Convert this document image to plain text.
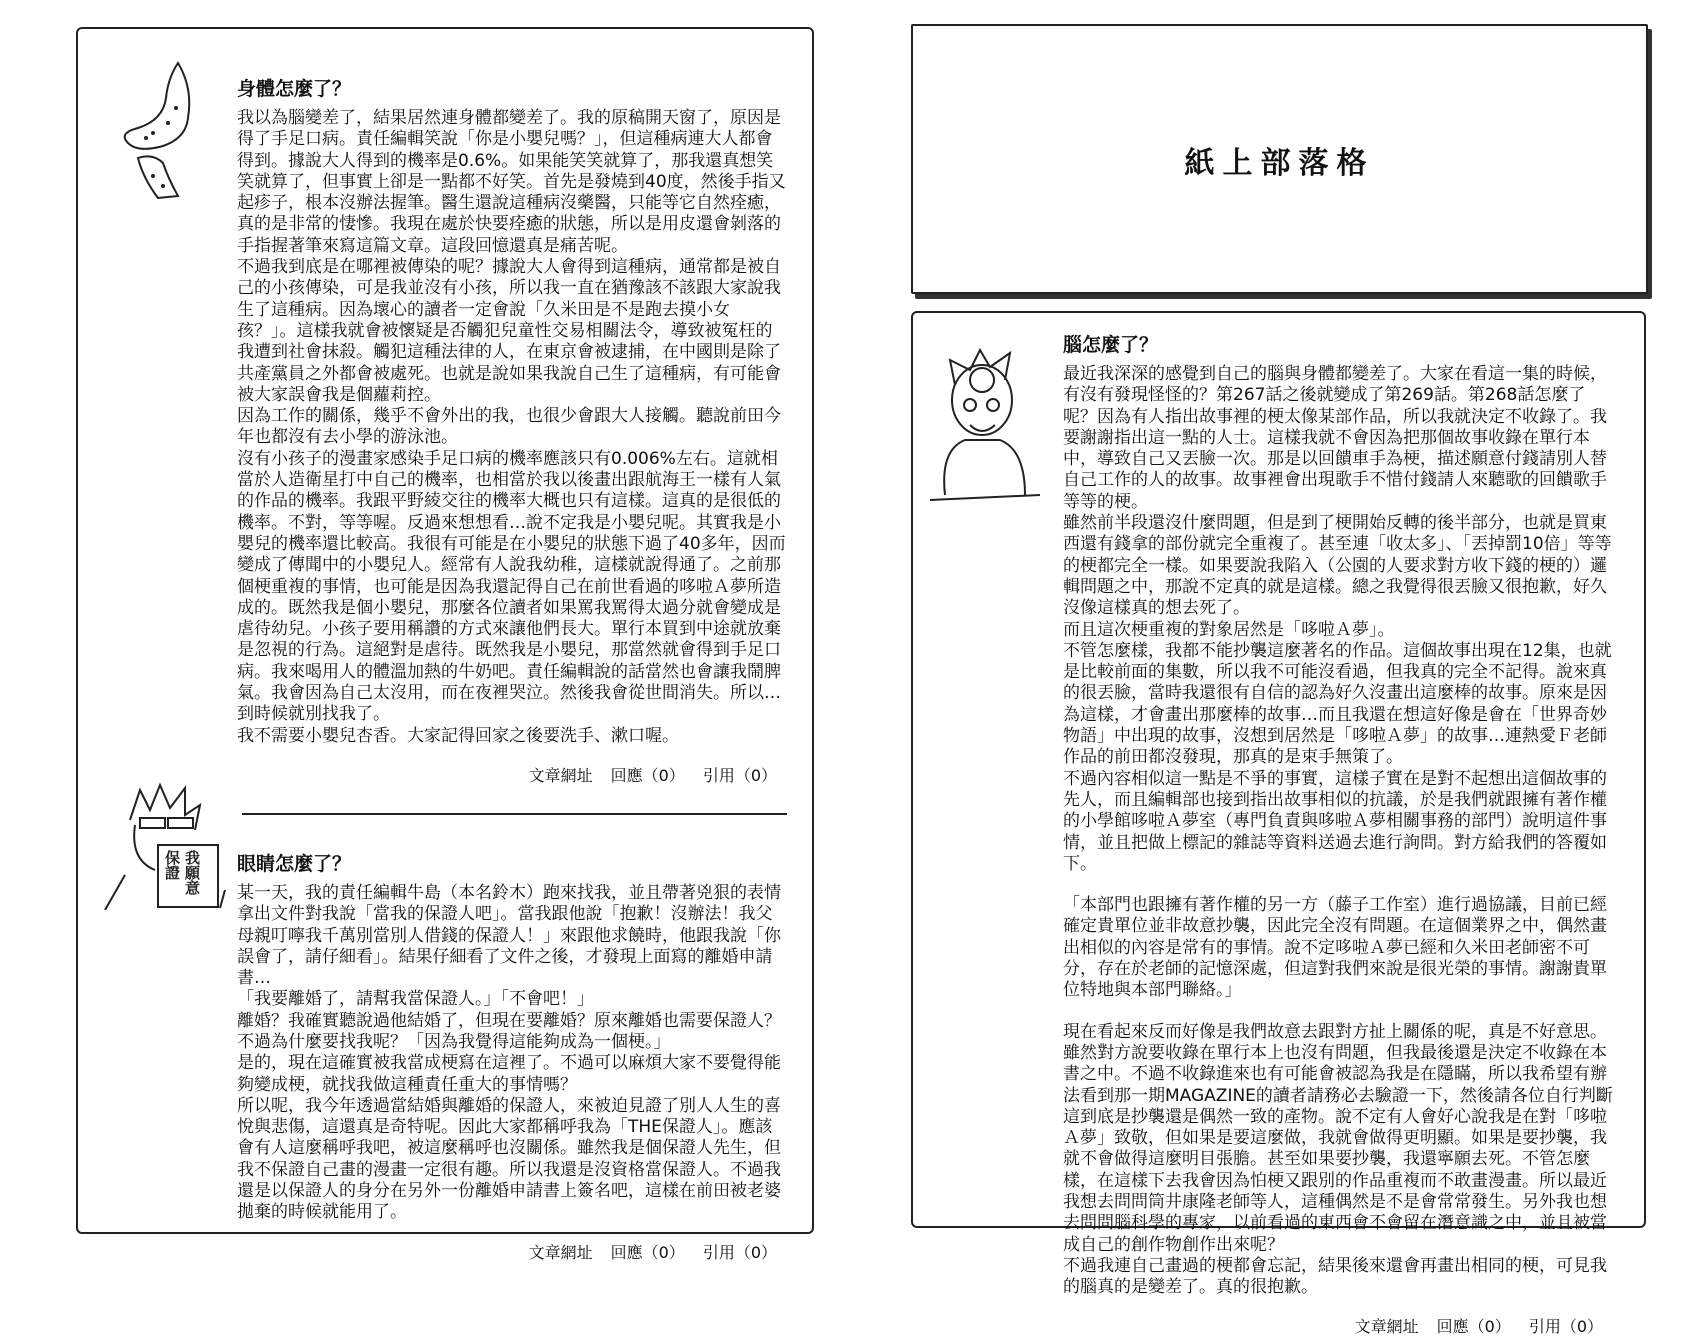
我願意 保證
身體怎麼了？

我以為腦變差了，結果居然連身體都變差了。我的原稿開天窗了，原因是得了手足口病。責任編輯笑說「你是小嬰兒嗎？」，但這種病連大人都會得到。據說大人得到的機率是0.6%。如果能笑笑就算了，那我還真想笑笑就算了，但事實上卻是一點都不好笑。首先是發燒到40度，然後手指又起疹子，根本沒辦法握筆。醫生還說這種病沒藥醫，只能等它自然痊癒，真的是非常的悽慘。我現在處於快要痊癒的狀態，所以是用皮還會剝落的手指握著筆來寫這篇文章。這段回憶還真是痛苦呢。

不過我到底是在哪裡被傳染的呢？據說大人會得到這種病，通常都是被自己的小孩傳染，可是我並沒有小孩，所以我一直在猶豫該不該跟大家說我生了這種病。因為壞心的讀者一定會說「久米田是不是跑去摸小女孩？」。這樣我就會被懷疑是否觸犯兒童性交易相關法令，導致被冤枉的我遭到社會抹殺。觸犯這種法律的人，在東京會被逮捕，在中國則是除了共產黨員之外都會被處死。也就是說如果我說自己生了這種病，有可能會被大家誤會我是個蘿莉控。

因為工作的關係，幾乎不會外出的我，也很少會跟大人接觸。聽說前田今年也都沒有去小學的游泳池。

沒有小孩子的漫畫家感染手足口病的機率應該只有0.006%左右。這就相當於人造衛星打中自己的機率，也相當於我以後畫出跟航海王一樣有人氣的作品的機率。我跟平野綾交往的機率大概也只有這樣。這真的是很低的機率。不對，等等喔。反過來想想看…說不定我是小嬰兒呢。其實我是小嬰兒的機率還比較高。我很有可能是在小嬰兒的狀態下過了40多年，因而變成了傳聞中的小嬰兒人。經常有人說我幼稚，這樣就說得通了。之前那個梗重複的事情，也可能是因為我還記得自己在前世看過的哆啦Ａ夢所造成的。既然我是個小嬰兒，那麼各位讀者如果罵我罵得太過分就會變成是虐待幼兒。小孩子要用稱讚的方式來讓他們長大。單行本買到中途就放棄是忽視的行為。這絕對是虐待。既然我是小嬰兒，那當然就會得到手足口病。我來喝用人的體溫加熱的牛奶吧。責任編輯說的話當然也會讓我鬧脾氣。我會因為自己太沒用，而在夜裡哭泣。然後我會從世間消失。所以…到時候就別找我了。

我不需要小嬰兒杏香。大家記得回家之後要洗手、漱口喔。

文章網址 回應（0） 引用（0）
眼睛怎麼了？

某一天，我的責任編輯牛島（本名鈴木）跑來找我，並且帶著兇狠的表情拿出文件對我說「當我的保證人吧」。當我跟他說「抱歉！沒辦法！我父母親叮嚀我千萬別當別人借錢的保證人！」來跟他求饒時，他跟我說「你誤會了，請仔細看」。結果仔細看了文件之後，才發現上面寫的離婚申請書…

「我要離婚了，請幫我當保證人。」「不會吧！」

離婚？我確實聽說過他結婚了，但現在要離婚？原來離婚也需要保證人？不過為什麼要找我呢？「因為我覺得這能夠成為一個梗。」

是的，現在這確實被我當成梗寫在這裡了。不過可以麻煩大家不要覺得能夠變成梗，就找我做這種責任重大的事情嗎？

所以呢，我今年透過當結婚與離婚的保證人，來被迫見證了別人人生的喜悅與悲傷，這還真是奇特呢。因此大家都稱呼我為「THE保證人」。應該會有人這麼稱呼我吧，被這麼稱呼也沒關係。雖然我是個保證人先生，但我不保證自己畫的漫畫一定很有趣。所以我還是沒資格當保證人。不過我還是以保證人的身分在另外一份離婚申請書上簽名吧，這樣在前田被老婆拋棄的時候就能用了。

文章網址 回應（0） 引用（0）
紙上部落格
腦怎麼了？

最近我深深的感覺到自己的腦與身體都變差了。大家在看這一集的時候，有沒有發現怪怪的？第267話之後就變成了第269話。第268話怎麼了呢？因為有人指出故事裡的梗太像某部作品，所以我就決定不收錄了。我要謝謝指出這一點的人士。這樣我就不會因為把那個故事收錄在單行本中，導致自己又丟臉一次。那是以回饋車手為梗，描述願意付錢請別人替自己工作的人的故事。故事裡會出現歌手不惜付錢請人來聽歌的回饋歌手等等的梗。

雖然前半段還沒什麼問題，但是到了梗開始反轉的後半部分，也就是買東西還有錢拿的部份就完全重複了。甚至連「收太多」、「丟掉罰10倍」等等的梗都完全一樣。如果要說我陷入（公園的人要求對方收下錢的梗的）邏輯問題之中，那說不定真的就是這樣。總之我覺得很丟臉又很抱歉，好久沒像這樣真的想去死了。

而且這次梗重複的對象居然是「哆啦Ａ夢」。

不管怎麼樣，我都不能抄襲這麼著名的作品。這個故事出現在12集，也就是比較前面的集數，所以我不可能沒看過，但我真的完全不記得。說來真的很丟臉，當時我還很有自信的認為好久沒畫出這麼棒的故事。原來是因為這樣，才會畫出那麼棒的故事…而且我還在想這好像是會在「世界奇妙物語」中出現的故事，沒想到居然是「哆啦Ａ夢」的故事…連熱愛Ｆ老師作品的前田都沒發現，那真的是束手無策了。

不過內容相似這一點是不爭的事實，這樣子實在是對不起想出這個故事的先人，而且編輯部也接到指出故事相似的抗議，於是我們就跟擁有著作權的小學館哆啦Ａ夢室（專門負責與哆啦Ａ夢相關事務的部門）說明這件事情，並且把做上標記的雜誌等資料送過去進行詢問。對方給我們的答覆如下。

「本部門也跟擁有著作權的另一方（藤子工作室）進行過協議，目前已經確定貴單位並非故意抄襲，因此完全沒有問題。在這個業界之中，偶然畫出相似的內容是常有的事情。說不定哆啦Ａ夢已經和久米田老師密不可分，存在於老師的記憶深處，但這對我們來說是很光榮的事情。謝謝貴單位特地與本部門聯絡。」

現在看起來反而好像是我們故意去跟對方扯上關係的呢，真是不好意思。雖然對方說要收錄在單行本上也沒有問題，但我最後還是決定不收錄在本書之中。不過不收錄進來也有可能會被認為我是在隱瞞，所以我希望有辦法看到那一期MAGAZINE的讀者請務必去驗證一下，然後請各位自行判斷這到底是抄襲還是偶然一致的產物。說不定有人會好心說我是在對「哆啦Ａ夢」致敬，但如果是要這麼做，我就會做得更明顯。如果是要抄襲，我就不會做得這麼明目張膽。甚至如果要抄襲，我還寧願去死。不管怎麼樣，在這樣下去我會因為怕梗又跟別的作品重複而不敢畫漫畫。所以最近我想去問問筒井康隆老師等人，這種偶然是不是會常常發生。另外我也想去問問腦科學的專家，以前看過的東西會不會留在潛意識之中，並且被當成自己的創作物創作出來呢？

不過我連自己畫過的梗都會忘記，結果後來還會再畫出相同的梗，可見我的腦真的是變差了。真的很抱歉。

文章網址 回應（0） 引用（0）
